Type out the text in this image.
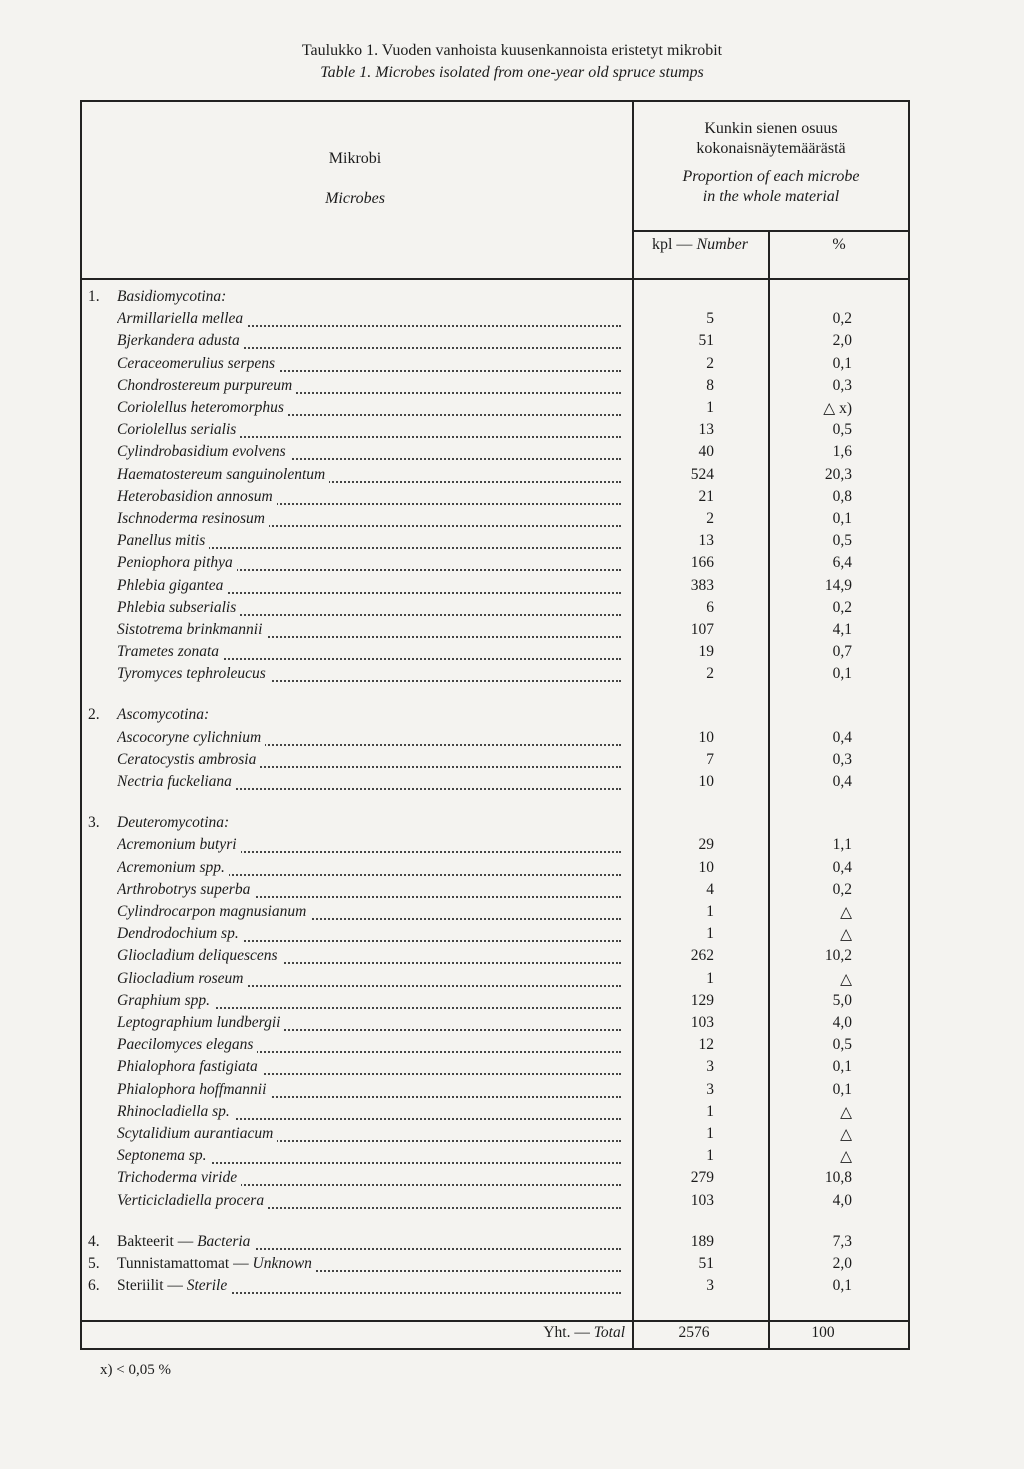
Taulukko 1. Vuoden vanhoista kuusenkannoista eristetyt mikrobit
Table 1. Microbes isolated from one-year old spruce stumps
Mikrobi
Microbes
Kunkin sienen osuus
kokonaisnäytemäärästä
Proportion of each microbe
in the whole material
kpl — Number	%
1. Basidiomycotina:
Armillariella mellea	5	0,2
Bjerkandera adusta	51	2,0
Ceraceomerulius serpens	2	0,1
Chondrostereum purpureum	8	0,3
Coriolellus heteromorphus	1	△ x)
Coriolellus serialis	13	0,5
Cylindrobasidium evolvens	40	1,6
Haematostereum sanguinolentum	524	20,3
Heterobasidion annosum	21	0,8
Ischnoderma resinosum	2	0,1
Panellus mitis	13	0,5
Peniophora pithya	166	6,4
Phlebia gigantea	383	14,9
Phlebia subserialis	6	0,2
Sistotrema brinkmannii	107	4,1
Trametes zonata	19	0,7
Tyromyces tephroleucus	2	0,1
2. Ascomycotina:
Ascocoryne cylichnium	10	0,4
Ceratocystis ambrosia	7	0,3
Nectria fuckeliana	10	0,4
3. Deuteromycotina:
Acremonium butyri	29	1,1
Acremonium spp.	10	0,4
Arthrobotrys superba	4	0,2
Cylindrocarpon magnusianum	1	△
Dendrodochium sp.	1	△
Gliocladium deliquescens	262	10,2
Gliocladium roseum	1	△
Graphium spp.	129	5,0
Leptographium lundbergii	103	4,0
Paecilomyces elegans	12	0,5
Phialophora fastigiata	3	0,1
Phialophora hoffmannii	3	0,1
Rhinocladiella sp.	1	△
Scytalidium aurantiacum	1	△
Septonema sp.	1	△
Trichoderma viride	279	10,8
Verticicladiella procera	103	4,0
4. Bakteerit — Bacteria	189	7,3
5. Tunnistamattomat — Unknown	51	2,0
6. Steriilit — Sterile	3	0,1
Yht. — Total	2576	100
x) < 0,05 %
